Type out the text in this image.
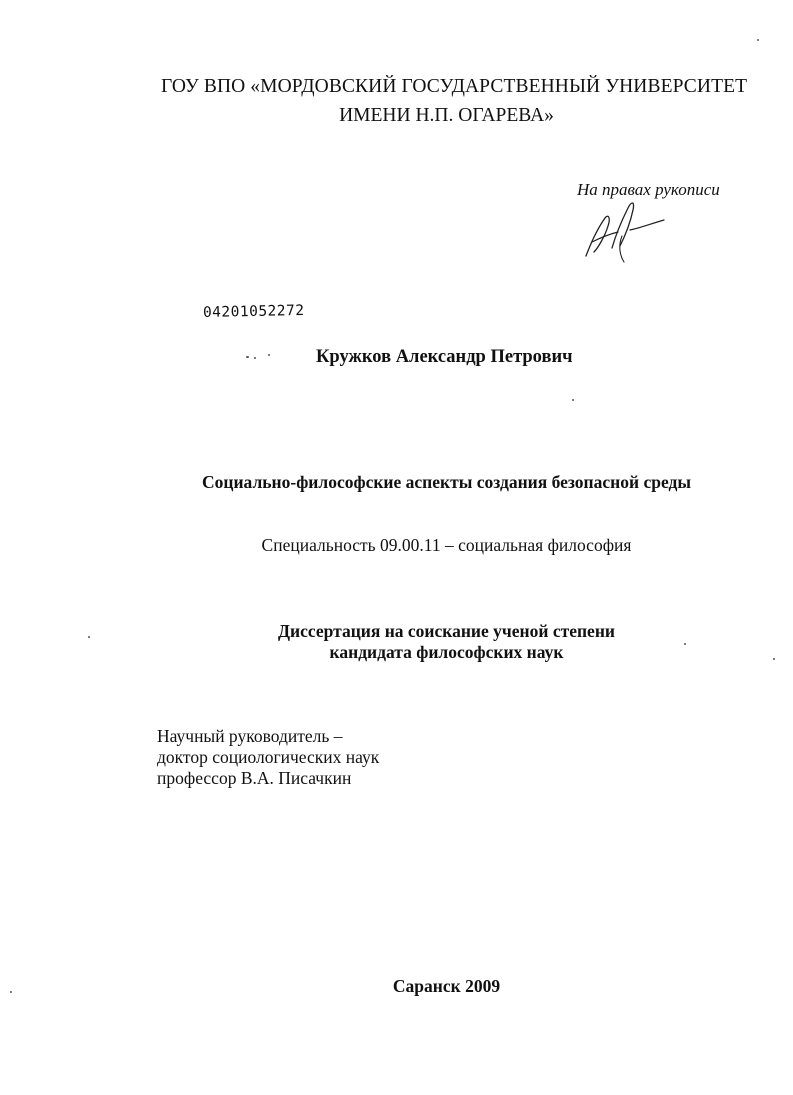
ГОУ ВПО «МОРДОВСКИЙ ГОСУДАРСТВЕННЫЙ УНИВЕРСИТЕТ
ИМЕНИ Н.П. ОГАРЕВА»
На правах рукописи
04201052272
Кружков Александр Петрович
Социально-философские аспекты создания безопасной среды
Специальность 09.00.11 – социальная философия
Диссертация на соискание ученой степени
кандидата философских наук
Научный руководитель –
доктор социологических наук
профессор В.А. Писачкин
Саранск 2009
